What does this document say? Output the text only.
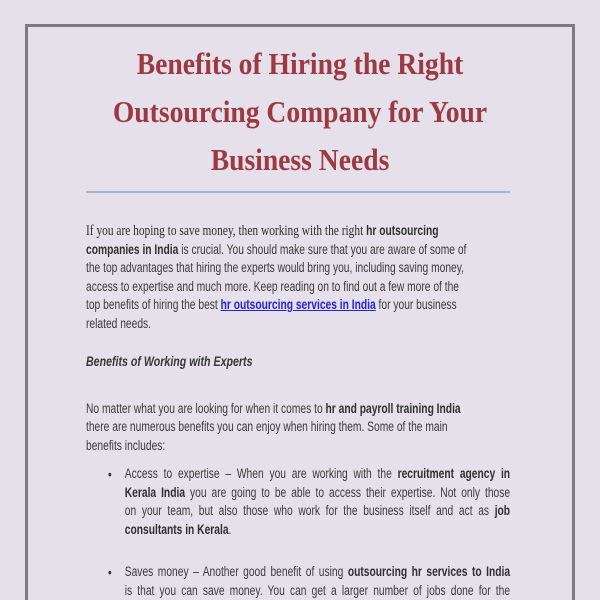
Benefits of Hiring the Right
Outsourcing Company for Your
Business Needs
If you are hoping to save money, then working with the right hr outsourcing
companies in India is crucial. You should make sure that you are aware of some of
the top advantages that hiring the experts would bring you, including saving money,
access to expertise and much more. Keep reading on to find out a few more of the
top benefits of hiring the best hr outsourcing services in India for your business
related needs.
Benefits of Working with Experts
No matter what you are looking for when it comes to hr and payroll training India
there are numerous benefits you can enjoy when hiring them. Some of the main
benefits includes:
• Access to expertise – When you are working with the recruitment agency in
Kerala India you are going to be able to access their expertise. Not only those
on your team, but also those who work for the business itself and act as job
consultants in Kerala.
• Saves money – Another good benefit of using outsourcing hr services to India
is that you can save money. You can get a larger number of jobs done for the
